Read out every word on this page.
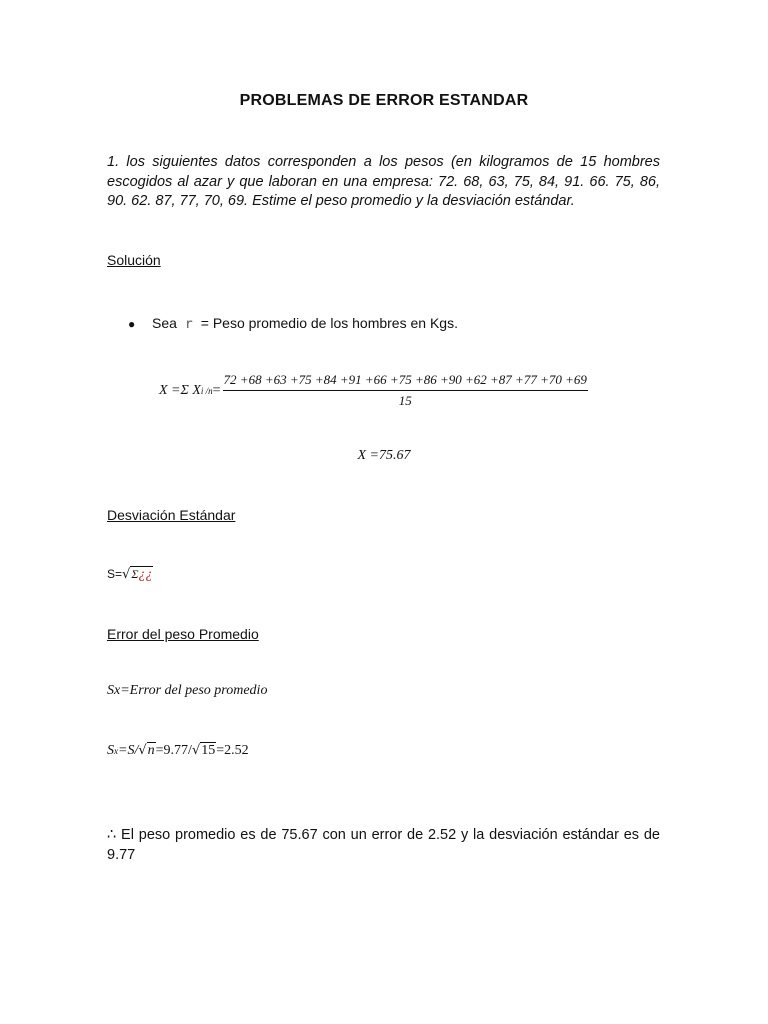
PROBLEMAS DE ERROR ESTANDAR
1. los siguientes datos corresponden a los pesos (en kilogramos de 15 hombres escogidos al azar y que laboran en una empresa: 72. 68, 63, 75, 84, 91. 66. 75, 86, 90. 62. 87, 77, 70, 69. Estime el peso promedio y la desviación estándar.
Solución
●	Sea r = Peso promedio de los hombres en Kgs.
X =Σ X i $/n = \frac{72 +68 +63 +75 +84 +91 +66 +75 +86 +90 +62 +87 +77 +70 +69}{15}$
X =75.67
Desviación Estándar
S= √ Σ¿¿
Error del peso Promedio
Sx=Error del peso promedio
S x =S/ √ n =9.77/ √ 15 =2.52
∴ El peso promedio es de 75.67 con un error de 2.52 y la desviación estándar es de 9.77
